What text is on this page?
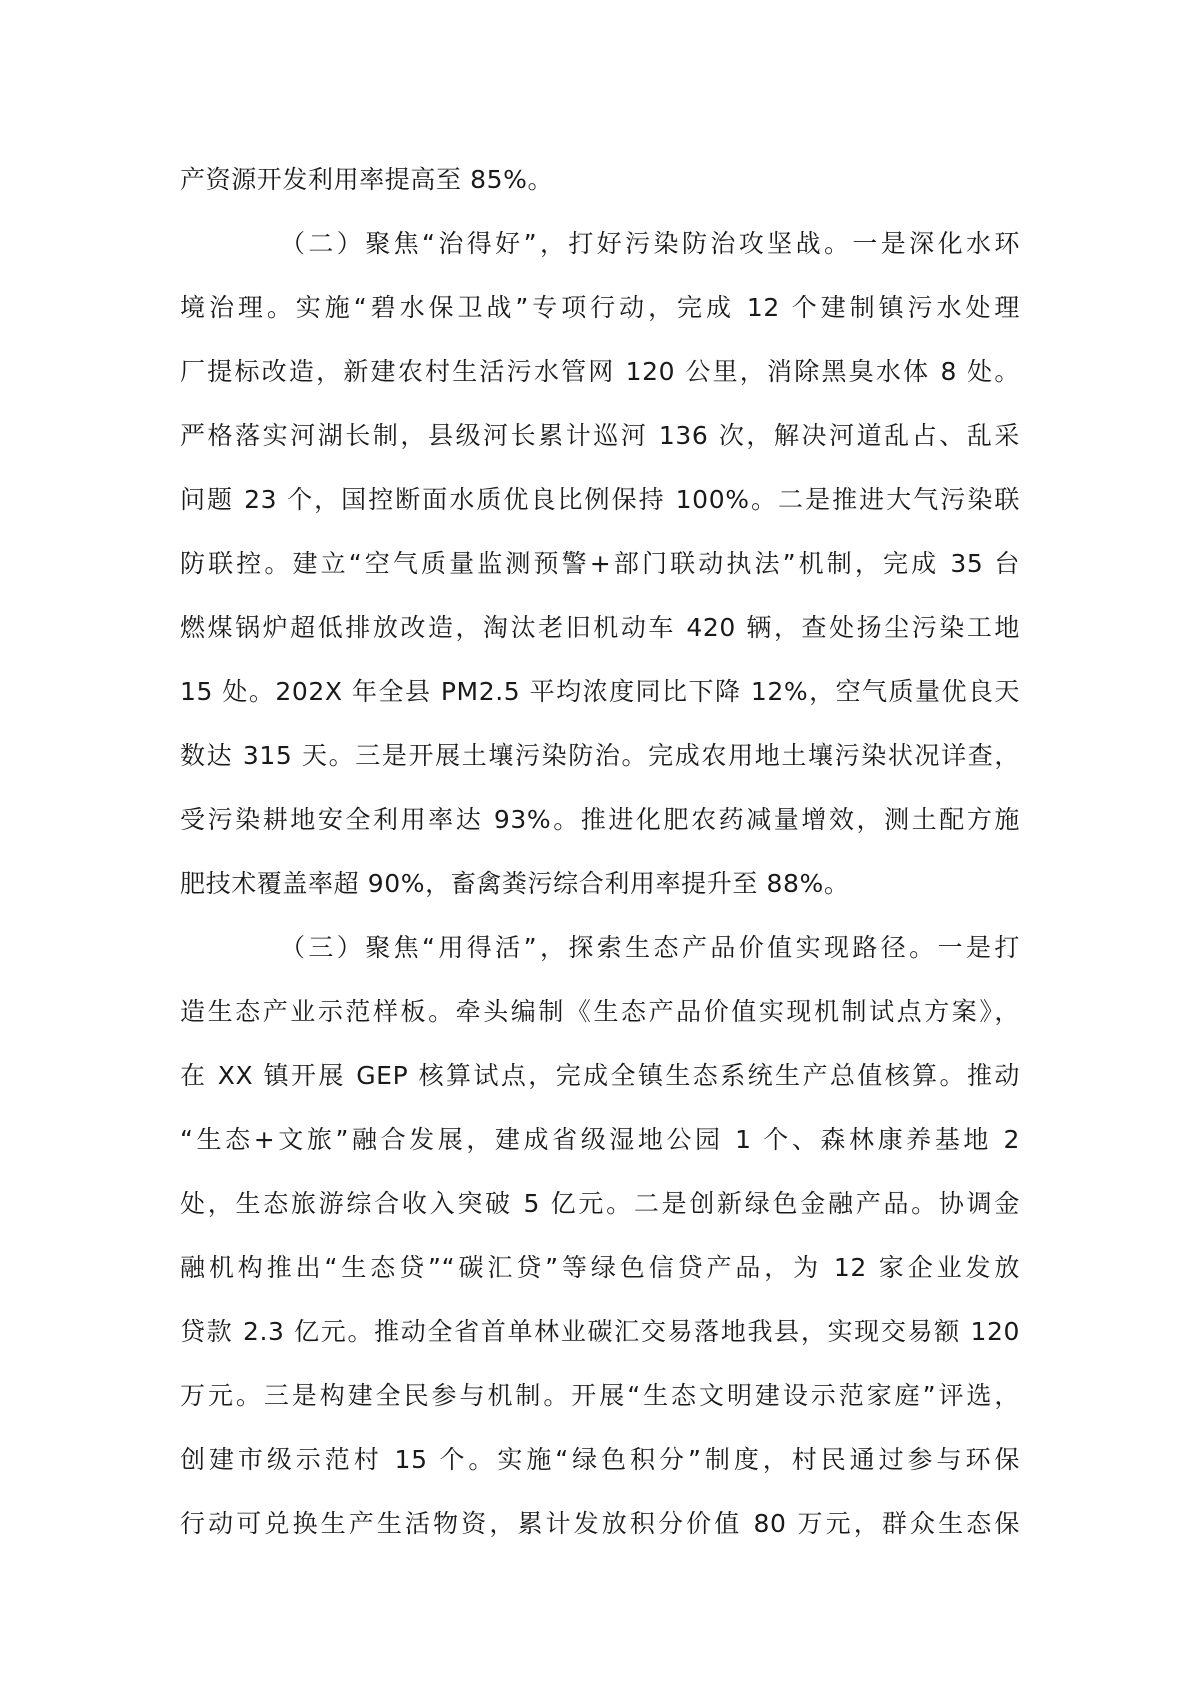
产资源开发利用率提高至 85%。
（二）聚焦“治得好”，打好污染防治攻坚战。一是深化水环
境治理。实施“碧水保卫战”专项行动，完成 12 个建制镇污水处理
厂提标改造，新建农村生活污水管网 120 公里，消除黑臭水体 8 处。
严格落实河湖长制，县级河长累计巡河 136 次，解决河道乱占、乱采
问题 23 个，国控断面水质优良比例保持 100%。二是推进大气污染联
防联控。建立“空气质量监测预警+部门联动执法”机制，完成 35 台
燃煤锅炉超低排放改造，淘汰老旧机动车 420 辆，查处扬尘污染工地
15 处。202X 年全县 PM2.5 平均浓度同比下降 12%，空气质量优良天
数达 315 天。三是开展土壤污染防治。完成农用地土壤污染状况详查，
受污染耕地安全利用率达 93%。推进化肥农药减量增效，测土配方施
肥技术覆盖率超 90%，畜禽粪污综合利用率提升至 88%。
（三）聚焦“用得活”，探索生态产品价值实现路径。一是打
造生态产业示范样板。牵头编制《生态产品价值实现机制试点方案》，
在 XX 镇开展 GEP 核算试点，完成全镇生态系统生产总值核算。推动
“生态+文旅”融合发展，建成省级湿地公园 1 个、森林康养基地 2
处，生态旅游综合收入突破 5 亿元。二是创新绿色金融产品。协调金
融机构推出“生态贷”“碳汇贷”等绿色信贷产品，为 12 家企业发放
贷款 2.3 亿元。推动全省首单林业碳汇交易落地我县，实现交易额 120
万元。三是构建全民参与机制。开展“生态文明建设示范家庭”评选，
创建市级示范村 15 个。实施“绿色积分”制度，村民通过参与环保
行动可兑换生产生活物资，累计发放积分价值 80 万元，群众生态保
